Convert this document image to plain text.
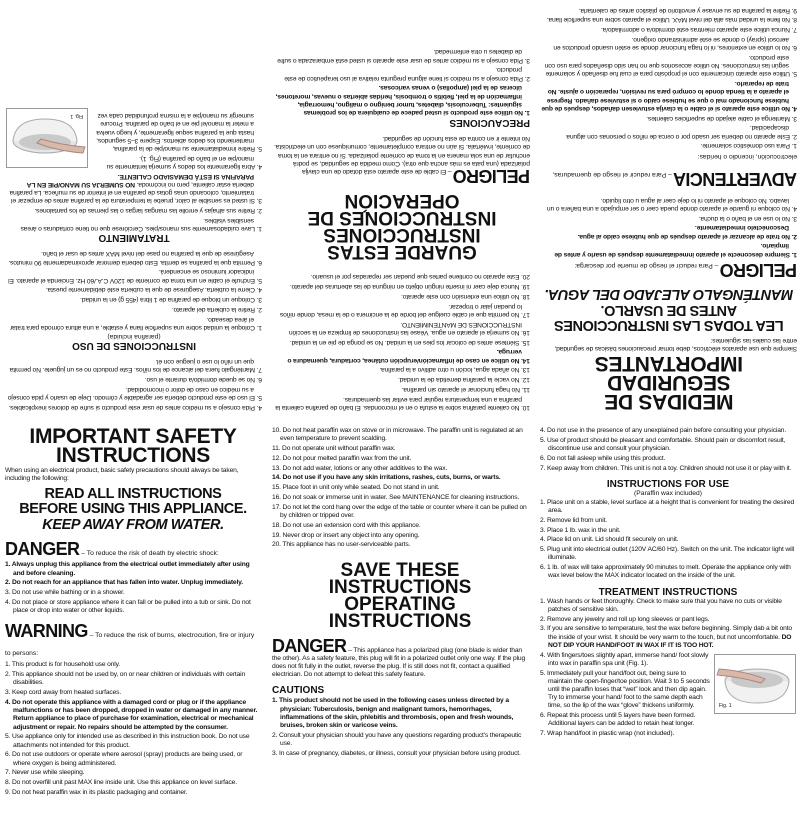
MEDIDAS DE SEGURIDAD IMPORTANTES

Siempre que use aparatos eléctricos, debe tomar precauciones básicas de seguridad, entre las cuales las siguientes:

LEA TODAS LAS INSTRUCCIONES
ANTES DE USARLO.
MANTÉNGALO ALEJADO DEL AGUA.
PELIGRO – Para reducir el riesgo de muerte por descarga:
1. Siempre desconecte el aparato inmediatamente después de usarlo y antes de limpiarlo.
2. No trate de alcanzar el aparato después de que hubiese caído al agua. Desconéctelo inmediatamente.
3. No lo use en el baño o la ducha.
4. No coloque ni guarde el aparato donde pueda caer o ser empujado a una bañera o un lavabo. No coloque el aparato ni lo deje caer al agua u otro líquido.
ADVERTENCIA – Para reducir el riesgo de quemaduras, electrocución, incendio o heridas:
1. Para uso doméstico solamente.
2. Este aparato no debería ser usado por o cerca de niños o personas con alguna discapacidad.
3. Mantenga el cable alejado de superficies calientes.
4. No utilice este aparato si el cable o la clavija estuviesen dañados, después de que hubiese funcionado mal o que se hubiese caído o si estuviese dañado. Regrese el aparato a la tienda donde lo compró para su revisión, reparación o ajuste. No trate de repararlo.
5. Utilice este aparato únicamente con el propósito para el cual fue diseñado y solamente según las instrucciones. No utilice accesorios que no han sido diseñados para uso con este producto.
6. No lo utilice en exteriores, ni lo haga funcionar donde se estén usando productos en aerosol (spray) o donde se esté administrando oxígeno.
7. Nunca utilice este aparato mientras esté dormido/a o adormilado/a.
8. No llene la unidad más allá del nivel MAX. Utilice el aparato sobre una superficie llana.
9. Retire la parafina de su envase y envoltorio de plástico antes de calentarla.
10. No caliente parafina sobre la estufa o en el microondas. El baño de parafina calienta la parafina a una temperatura regular para evitar las quemaduras.
11. No haga funcionar el aparato sin parafina.
12. No vacíe la parafina derretida de la unidad.
13. No añada agua, loción u otro aditivo a la parafina.
14. No utilice en caso de inflamación/erupción cutánea, cortadura, quemadura o verruga.
15. Siéntese antes de colocar los pies en la unidad. No se ponga de pie en la unidad.
16. No sumerja el aparato en agua. Véase las instrucciones de limpieza en la sección INSTRUCCIONES DE MANTENIMIENTO.
17. No permita que el cable cuelgue del borde de la encimera o de la mesa, donde niños lo puedan jalar o tropezar.
18. No utilice una extensión con este aparato.
19. Nunca deje caer ni inserte ningún objeto en ninguna de las aberturas del aparato.
20. Este aparato no contiene partes que puedan ser reparadas por el usuario.
GUARDE ESTAS INSTRUCCIONES
INSTRUCCIONES DE OPERACIÓN

PELIGRO – El cable de este aparato está dotado de una clavija polarizada (una pata es más ancha que otra). Como medida de seguridad, se podrá enchufar de una sola manera en la toma de corriente polarizada. Si no entrara en la toma de corriente, inviértala. Si aún no entrara completamente, comuníquese con un electricista. No intente ir en contra de esta función de seguridad.

PRECAUCIONES
1. No utilice este producto si usted padece de cualquiera de los problemas siguientes: Tuberculosis, diabetes, tumor benigno o maligno, hemorragia, inflamación de la piel, flebitis o trombosis, heridas abiertas o nuevas, moretones, úlceras de la piel (ampollas) o venas varicosas.
2. Pida consejo a su médico si tiene alguna pregunta relativa al uso terapéutico de este producto.
3. Pida consejo a su médico antes de usar este aparato si usted está embarazada o sufre de diabetes u otra enfermedad.
4. Pida consejo a su médico antes de usar este producto si sufre de dolores inexplicables.
5. El uso de este producto debería ser agradable y cómodo. Deje de usarlo y pida consejo a su médico en caso de dolor o incomodidad.
6. No se quede dormido/a durante el uso.
7. Manténgalo fuera del alcance de los niños. Este producto no es un juguete. No permita que un niño lo use o juegue con él.
INSTRUCCIONES DE USO
(parafina incluida)
1. Coloque la unidad sobre una superficie llana y estable, a una altura cómoda para tratar el área deseado.
2. Retire la cubierta del aparato.
3. Coloque un bloque de parafina de 1 libra (455 g) en la unidad.
4. Cierre la cubierta. Asegúrese de que la cubierta esté debidamente puesta.
5. Enchufe el cable en una toma de corriente de 120V C.A./60 Hz. Encienda el aparato. El indicador luminoso se encenderá.
6. Permita que la parafina se derrita. Esto debería demorar aproximadamente 90 minutos. Asegúrese de que la parafina no pase del nivel MAX antes de usar el baño.
TRATAMIENTO
1. Lave cuidadosamente sus manos/pies. Cerciórese que no tiene cortaduras o áreas sensibles visibles.
2. Retire sus alhajas y enrolle las mangas largas o las piernas de los pantalones.
3. Si usted es sensible al calor, pruebe la temperatura de la parafina antes de empezar el tratamiento, colocando unas gotas de parafina en el interior de su muñeca. La parafina debería estar caliente, pero no incómoda. NO SUMERJA SU MANO/PIE EN LA PARAFINA SI ESTÁ DEMASIADO CALIENTE.
Fig. 1
4. Abra ligeramente los dedos y sumerja lentamente su mano/pie en el baño de parafina (Fig. 1).
5. Retire inmediatamente su mano/pie de la parafina, manteniendo los dedos abiertos. Espere 3–5 segundos, hasta que la parafina seque ligeramente, y luego vuelva a meter la mano/el pie en el baño de parafina. Procure sumergir su mano/pie a la misma profundidad cada vez
IMPORTANT SAFETY INSTRUCTIONS

When using an electrical product, basic safety precautions should always be taken, including the following:

READ ALL INSTRUCTIONS
BEFORE USING THIS APPLIANCE.
KEEP AWAY FROM WATER.
DANGER – To reduce the risk of death by electric shock:
1. Always unplug this appliance from the electrical outlet immediately after using and before cleaning.
2. Do not reach for an appliance that has fallen into water. Unplug immediately.
3. Do not use while bathing or in a shower.
4. Do not place or store appliance where it can fall or be pulled into a tub or sink. Do not place or drop into water or other liquids.
WARNING – To reduce the risk of burns, electrocution, fire or injury to persons:
1. This product is for household use only.
2. This appliance should not be used by, on or near children or individuals with certain disabilities.
3. Keep cord away from heated surfaces.
4. Do not operate this appliance with a damaged cord or plug or if the appliance malfunctions or has been dropped, dropped in water or damaged in any manner. Return appliance to place of purchase for examination, electrical or mechanical adjustment or repair. No repairs should be attempted by the consumer.
5. Use appliance only for intended use as described in this instruction book. Do not use attachments not intended for this product.
6. Do not use outdoors or operate where aerosol (spray) products are being used, or where oxygen is being administered.
7. Never use while sleeping.
8. Do not overfill unit past MAX line inside unit. Use this appliance on level surface.
9. Do not heat paraffin wax in its plastic packaging and container.
10. Do not heat paraffin wax on stove or in microwave. The paraffin unit is regulated at an even temperature to prevent scalding.
11. Do not operate unit without paraffin wax.
12. Do not pour melted paraffin wax from the unit.
13. Do not add water, lotions or any other additives to the wax.
14. Do not use if you have any skin irritations, rashes, cuts, burns, or warts.
15. Place foot in unit only while seated. Do not stand in unit.
16. Do not soak or immerse unit in water. See MAINTENANCE for cleaning instructions.
17. Do not let the cord hang over the edge of the table or counter where it can be pulled on by children or tripped over.
18. Do not use an extension cord with this appliance.
19. Never drop or insert any object into any opening.
20. This appliance has no user-serviceable parts.
SAVE THESE INSTRUCTIONS
OPERATING INSTRUCTIONS

DANGER – This appliance has a polarized plug (one blade is wider than the other). As a safety feature, this plug will fit in a polarized outlet only one way. If the plug does not fit fully in the outlet, reverse the plug. If is still does not fit, contact a qualified electrician. Do not attempt to defeat this safety feature.

CAUTIONS
1. This product should not be used in the following cases unless directed by a physician: Tuberculosis, benign and malignant tumors, hemorrhages, inflammations of the skin, phlebitis and thrombosis, open and fresh wounds, bruises, broken skin or varicose veins.
2. Consult your physician should you have any questions regarding product's therapeutic use.
3. In case of pregnancy, diabetes, or illness, consult your physician before using product.
4. Do not use in the presence of any unexplained pain before consulting your physician.
5. Use of product should be pleasant and comfortable. Should pain or discomfort result, discontinue use and consult your physician.
6. Do not fall asleep while using this product.
7. Keep away from children. This unit is not a toy. Children should not use it or play with it.
INSTRUCTIONS FOR USE
(Paraffin wax included)
1. Place unit on a stable, level surface at a height that is convenient for treating the desired area.
2. Remove lid from unit.
3. Place 1 lb. wax in the unit.
4. Place lid on unit. Lid should fit securely on unit.
5. Plug unit into electrical outlet (120V AC/60 Hz). Switch on the unit. The indicator light will illuminate.
6. 1 lb. of wax will take approximately 90 minutes to melt. Operate the appliance only with wax level below the MAX indicator located on the inside of the unit.
TREATMENT INSTRUCTIONS
1. Wash hands or feet thoroughly. Check to make sure that you have no cuts or visible patches of sensitive skin.
2. Remove any jewelry and roll up long sleeves or pant legs.
3. If you are sensitive to temperature, test the wax before beginning. Simply dab a bit onto the inside of your wrist. It should be very warm to the touch, but not uncomfortable. DO NOT DIP YOUR HAND/FOOT IN WAX IF IT IS TOO HOT.
Fig. 1
4. With fingers/toes slightly apart, immerse hand/ foot slowly into wax in paraffin spa unit (Fig. 1).
5. Immediately pull your hand/foot out, being sure to maintain the open-finger/toe position. Wait 3 to 5 seconds until the paraffin loses that “wet” look and then dip again. Try to immerse your hand/ foot to the same depth each time, so the lip of the wax “glove” thickens uniformly.
6. Repeat this process until 5 layers have been formed. Additional layers can be added to retain heat longer.
7. Wrap hand/foot in plastic wrap (not included).
